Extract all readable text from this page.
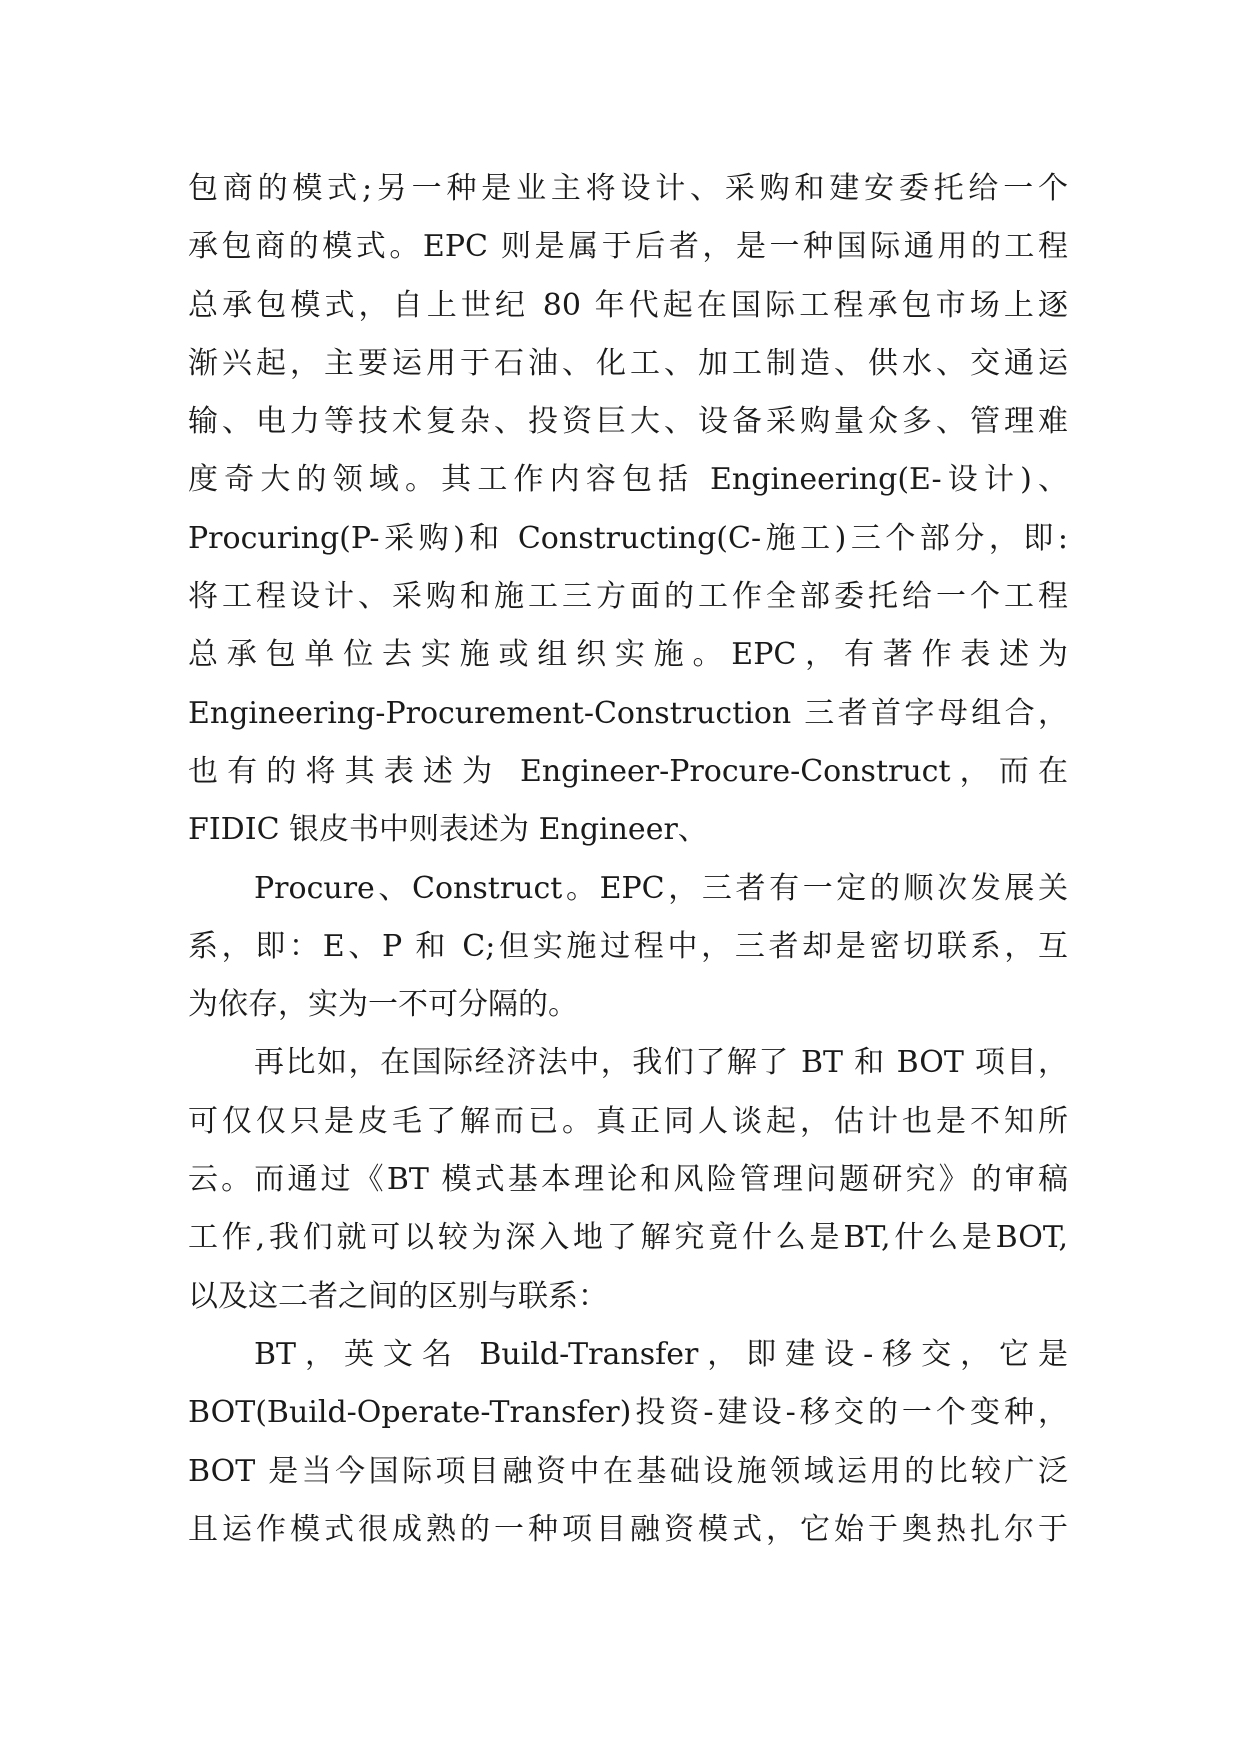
包商的模式;另一种是业主将设计、采购和建安委托给一个
承包商的模式。EPC 则是属于后者，是一种国际通用的工程
总承包模式，自上世纪 80 年代起在国际工程承包市场上逐
渐兴起，主要运用于石油、化工、加工制造、供水、交通运
输、电力等技术复杂、投资巨大、设备采购量众多、管理难
度奇大的领域。其工作内容包括 Engineering(E-设计)、
Procuring(P-采购)和 Constructing(C-施工)三个部分，即:
将工程设计、采购和施工三方面的工作全部委托给一个工程
总承包单位去实施或组织实施。EPC，有著作表述为
Engineering-Procurement-Construction 三者首字母组合，
也有的将其表述为 Engineer-Procure-Construct，而在
FIDIC 银皮书中则表述为 Engineer、
Procure、Construct。EPC，三者有一定的顺次发展关
系，即：E、P 和 C;但实施过程中，三者却是密切联系，互
为依存，实为一不可分隔的。
再比如，在国际经济法中，我们了解了 BT 和 BOT 项目，
可仅仅只是皮毛了解而已。真正同人谈起，估计也是不知所
云。而通过《BT 模式基本理论和风险管理问题研究》的审稿
工作,我们就可以较为深入地了解究竟什么是BT,什么是BOT,
以及这二者之间的区别与联系：
BT，英文名 Build-Transfer，即建设-移交，它是
BOT(Build-Operate-Transfer)投资-建设-移交的一个变种，
BOT 是当今国际项目融资中在基础设施领域运用的比较广泛
且运作模式很成熟的一种项目融资模式，它始于奥热扎尔于
